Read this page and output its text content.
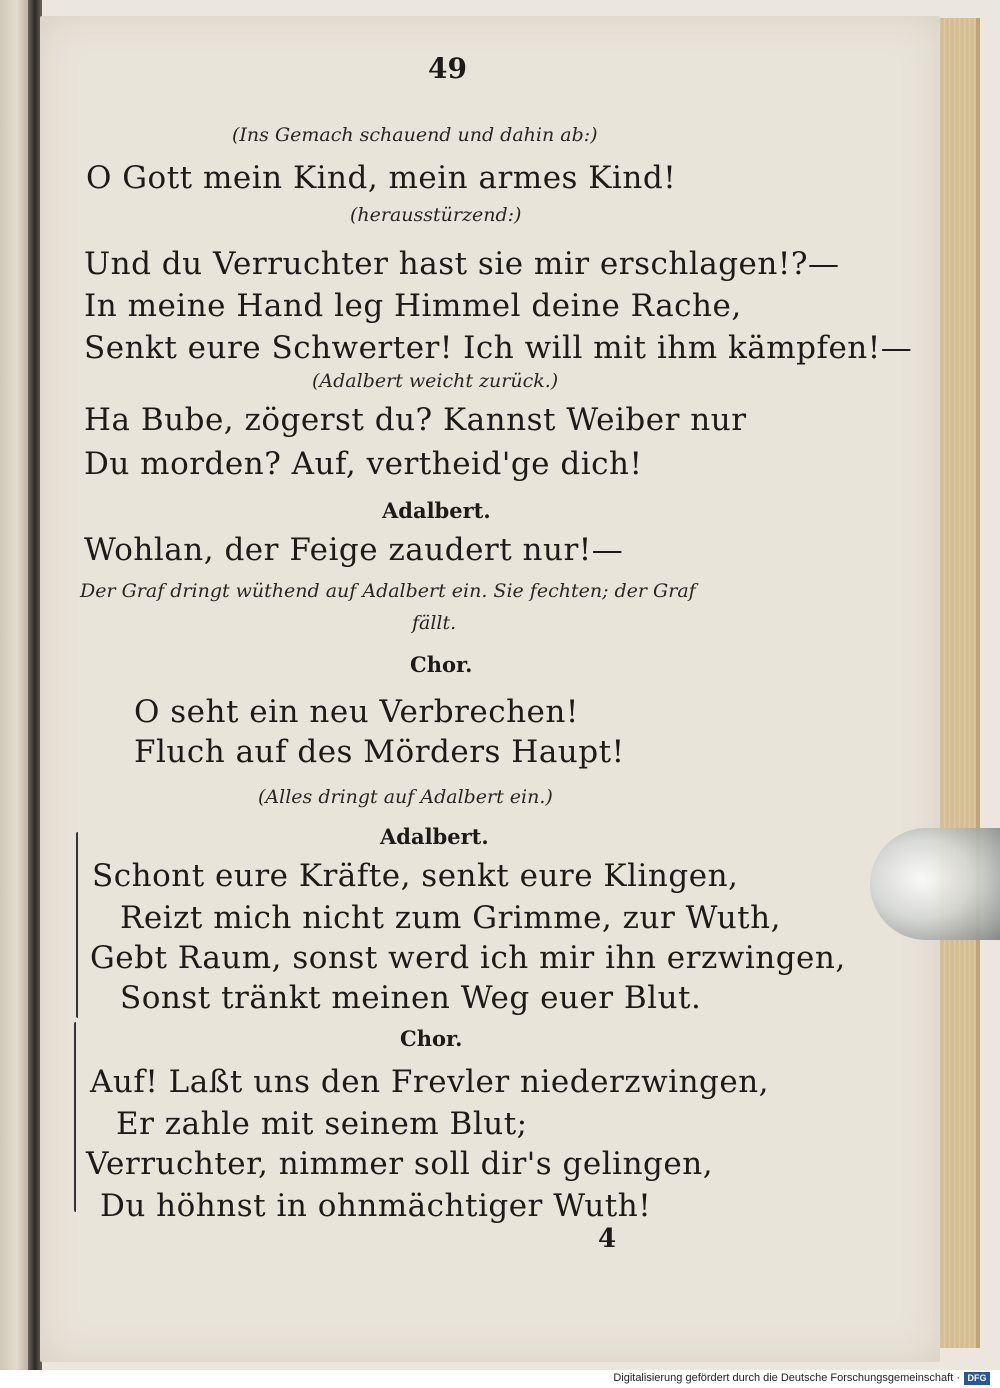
49

(Ins Gemach schauend und dahin ab:)

O Gott mein Kind, mein armes Kind!

(herausstürzend:)

Und du Verruchter hast sie mir erschlagen!?—

In meine Hand leg Himmel deine Rache,

Senkt eure Schwerter! Ich will mit ihm kämpfen!—

(Adalbert weicht zurück.)

Ha Bube, zögerst du? Kannst Weiber nur

Du morden? Auf, vertheid'ge dich!

Adalbert.

Wohlan, der Feige zaudert nur!—

Der Graf dringt wüthend auf Adalbert ein. Sie fechten; der Graf

fällt.

Chor.

O seht ein neu Verbrechen!

Fluch auf des Mörders Haupt!

(Alles dringt auf Adalbert ein.)

Adalbert.

Schont eure Kräfte, senkt eure Klingen,

Reizt mich nicht zum Grimme, zur Wuth,

Gebt Raum, sonst werd ich mir ihn erzwingen,

Sonst tränkt meinen Weg euer Blut.

Chor.

Auf! Laßt uns den Frevler niederzwingen,

Er zahle mit seinem Blut;

Verruchter, nimmer soll dir's gelingen,

Du höhnst in ohnmächtiger Wuth!

4

Digitalisierung gefördert durch die Deutsche Forschungsgemeinschaft · DFG
